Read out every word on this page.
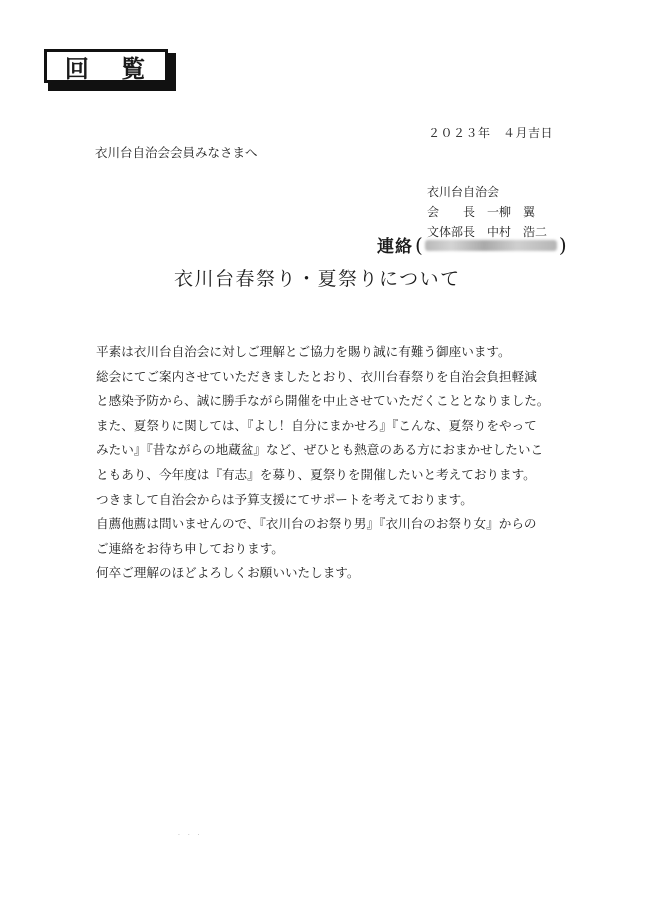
回 覧
２０２３年　４月吉日
衣川台自治会会員みなさまへ
衣川台自治会
会　　長　一柳　翼
文体部長　中村　浩二
連絡 (	)
衣川台春祭り・夏祭りについて

平素は衣川台自治会に対しご理解とご協力を賜り誠に有難う御座います。

総会にてご案内させていただきましたとおり、衣川台春祭りを自治会負担軽減

と感染予防から、誠に勝手ながら開催を中止させていただくこととなりました。

また、夏祭りに関しては、『よし！自分にまかせろ』『こんな、夏祭りをやって

みたい』『昔ながらの地蔵盆』など、ぜひとも熱意のある方におまかせしたいこ

ともあり、今年度は『有志』を募り、夏祭りを開催したいと考えております。

つきまして自治会からは予算支援にてサポートを考えております。

自薦他薦は問いませんので、『衣川台のお祭り男』『衣川台のお祭り女』からの

ご連絡をお待ち申しております。

何卒ご理解のほどよろしくお願いいたします。

· · ·
